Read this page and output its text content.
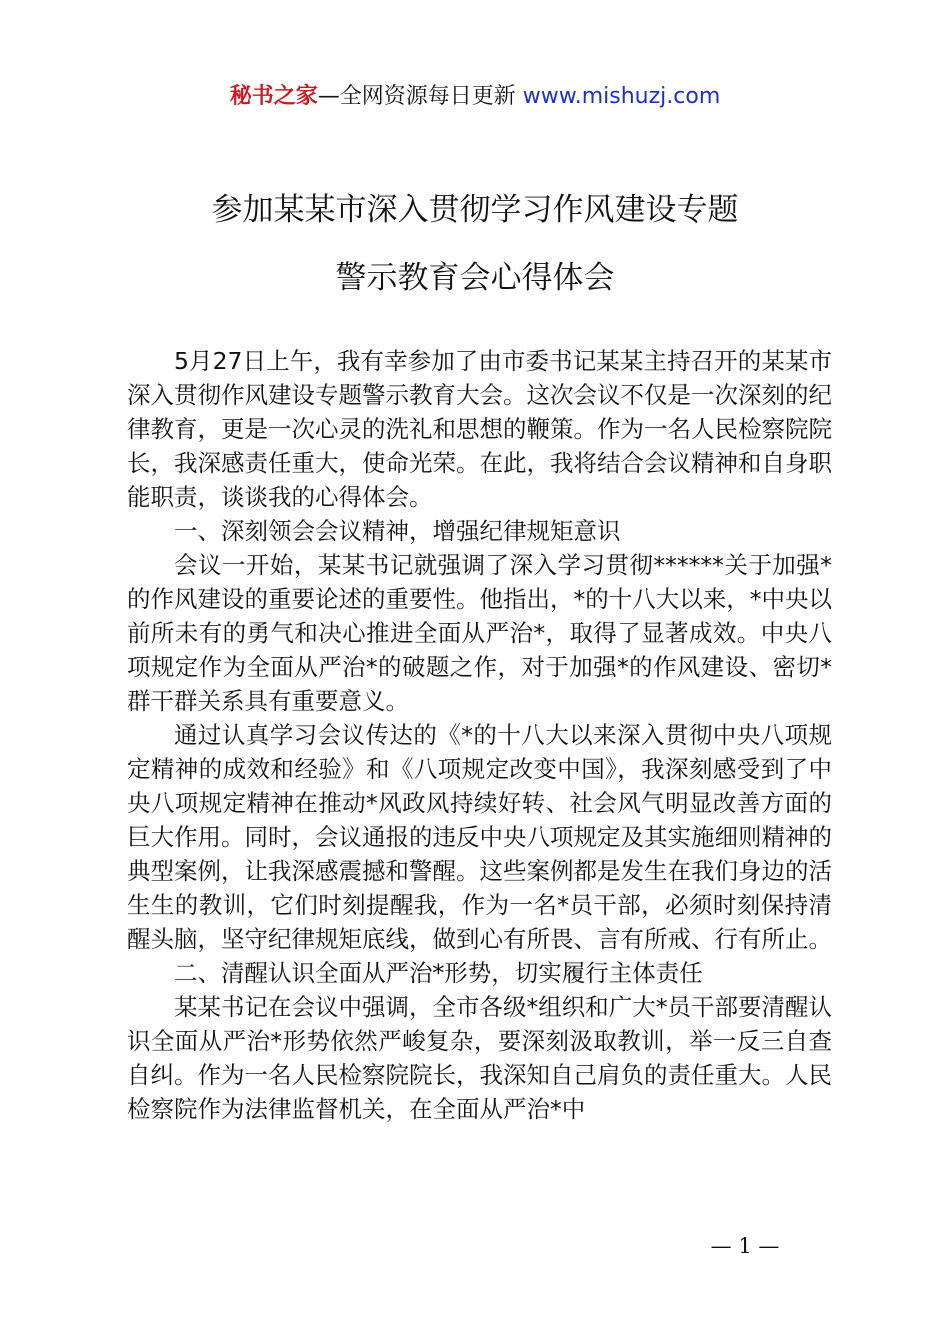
秘书之家—全网资源每日更新 www.mishuzj.com
参加某某市深入贯彻学习作风建设专题
警示教育会心得体会

5月27日上午，我有幸参加了由市委书记某某主持召开的某某市深入贯彻作风建设专题警示教育大会。这次会议不仅是一次深刻的纪律教育，更是一次心灵的洗礼和思想的鞭策。作为一名人民检察院院长，我深感责任重大，使命光荣。在此，我将结合会议精神和自身职能职责，谈谈我的心得体会。

一、深刻领会会议精神，增强纪律规矩意识

会议一开始，某某书记就强调了深入学习贯彻******关于加强*的作风建设的重要论述的重要性。他指出，*的十八大以来，*中央以前所未有的勇气和决心推进全面从严治*，取得了显著成效。中央八项规定作为全面从严治*的破题之作，对于加强*的作风建设、密切*群干群关系具有重要意义。

通过认真学习会议传达的《*的十八大以来深入贯彻中央八项规定精神的成效和经验》和《八项规定改变中国》，我深刻感受到了中央八项规定精神在推动*风政风持续好转、社会风气明显改善方面的巨大作用。同时，会议通报的违反中央八项规定及其实施细则精神的典型案例，让我深感震撼和警醒。这些案例都是发生在我们身边的活生生的教训，它们时刻提醒我，作为一名*员干部，必须时刻保持清醒头脑，坚守纪律规矩底线，做到心有所畏、言有所戒、行有所止。

二、清醒认识全面从严治*形势，切实履行主体责任

某某书记在会议中强调，全市各级*组织和广大*员干部要清醒认识全面从严治*形势依然严峻复杂，要深刻汲取教训，举一反三自查自纠。作为一名人民检察院院长，我深知自己肩负的责任重大。人民检察院作为法律监督机关，在全面从严治*中

— 1 —
